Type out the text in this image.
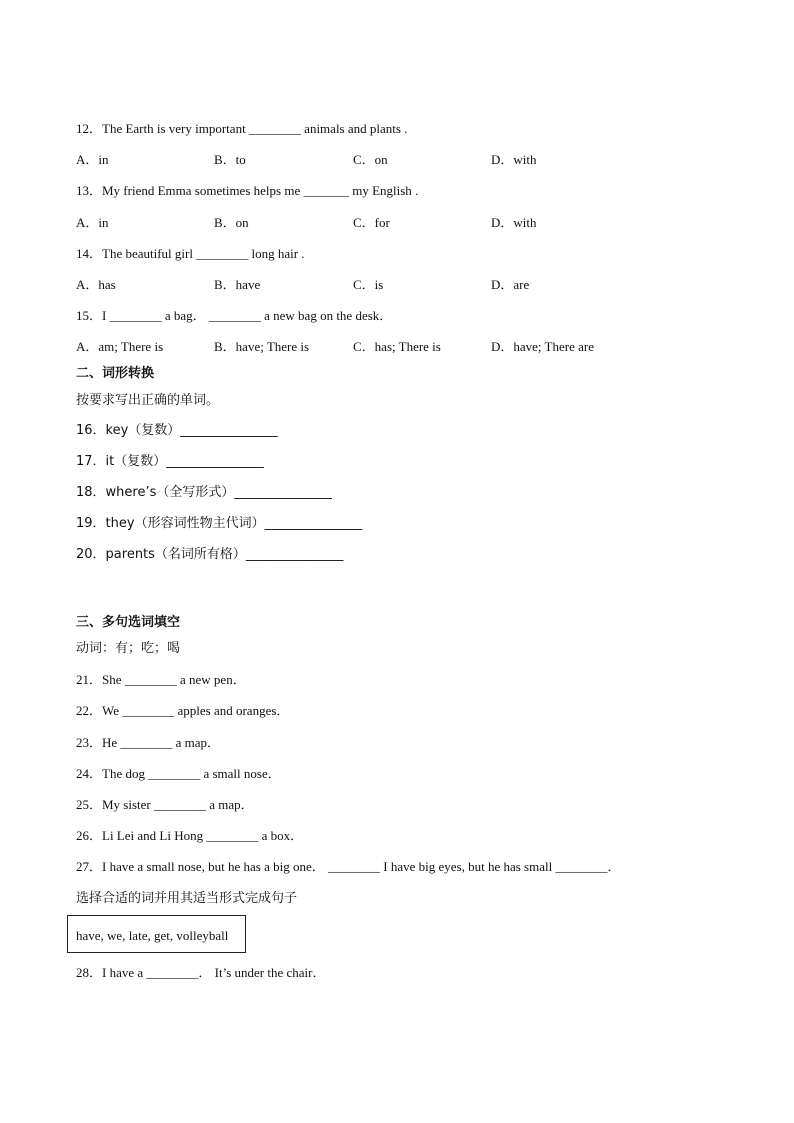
12．The Earth is very important ________ animals and plants .
A．in	B．to	C．on	D．with
13．My friend Emma sometimes helps me _______ my English .
A．in	B．on	C．for	D．with
14．The beautiful girl ________ long hair .
A．has	B．have	C．is	D．are
15．I ________ a bag． ________ a new bag on the desk．
A．am; There is	B．have; There is	C．has; There is	D．have; There are
二、词形转换
按要求写出正确的单词。
16．key（复数）_______________
17．it（复数）_______________
18．where’s（全写形式）_______________
19．they（形容词性物主代词）_______________
20．parents（名词所有格）_______________
三、多句选词填空
动词：有；吃；喝
21．She ________ a new pen．
22．We ________ apples and oranges．
23．He ________ a map．
24．The dog ________ a small nose．
25．My sister ________ a map．
26．Li Lei and Li Hong ________ a box．
27．I have a small nose, but he has a big one． ________ I have big eyes, but he has small ________．
选择合适的词并用其适当形式完成句子
have, we, late, get, volleyball
28．I have a ________． It’s under the chair．
